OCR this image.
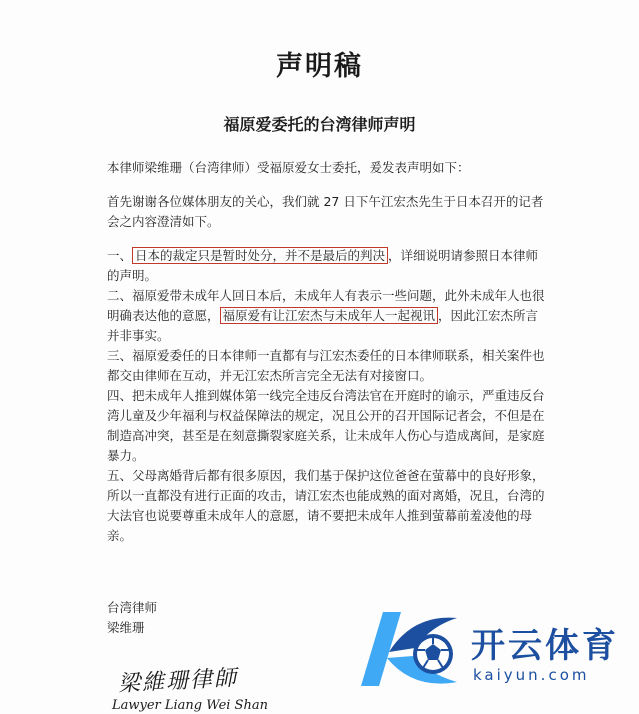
声明稿
福原爱委托的台湾律师声明

本律师梁维珊（台湾律师）受福原爱女士委托，爰发表声明如下：

首先谢谢各位媒体朋友的关心，我们就 27 日下午江宏杰先生于日本召开的记者会之内容澄清如下。

一、 日本的裁定只是暂时处分，并不是最后的判决 ，详细说明请参照日本律师的声明。

二、福原爱带未成年人回日本后，未成年人有表示一些问题，此外未成年人也很明确表达他的意愿， 福原爱有让江宏杰与未成年人一起视讯 ，因此江宏杰所言并非事实。

三、福原爱委任的日本律师一直都有与江宏杰委任的日本律师联系，相关案件也都交由律师在互动，并无江宏杰所言完全无法有对接窗口。

四、把未成年人推到媒体第一线完全违反台湾法官在开庭时的谕示，严重违反台湾儿童及少年福利与权益保障法的规定，况且公开的召开国际记者会，不但是在制造高冲突，甚至是在刻意撕裂家庭关系，让未成年人伤心与造成离间，是家庭暴力。

五、父母离婚背后都有很多原因，我们基于保护这位爸爸在萤幕中的良好形象，所以一直都没有进行正面的攻击，请江宏杰也能成熟的面对离婚，况且，台湾的大法官也说要尊重未成年人的意愿，请不要把未成年人推到萤幕前羞凌他的母亲。

台湾律师
梁维珊
梁維珊律師
Lawyer Liang Wei Shan
开云体育
kaiyun.com
